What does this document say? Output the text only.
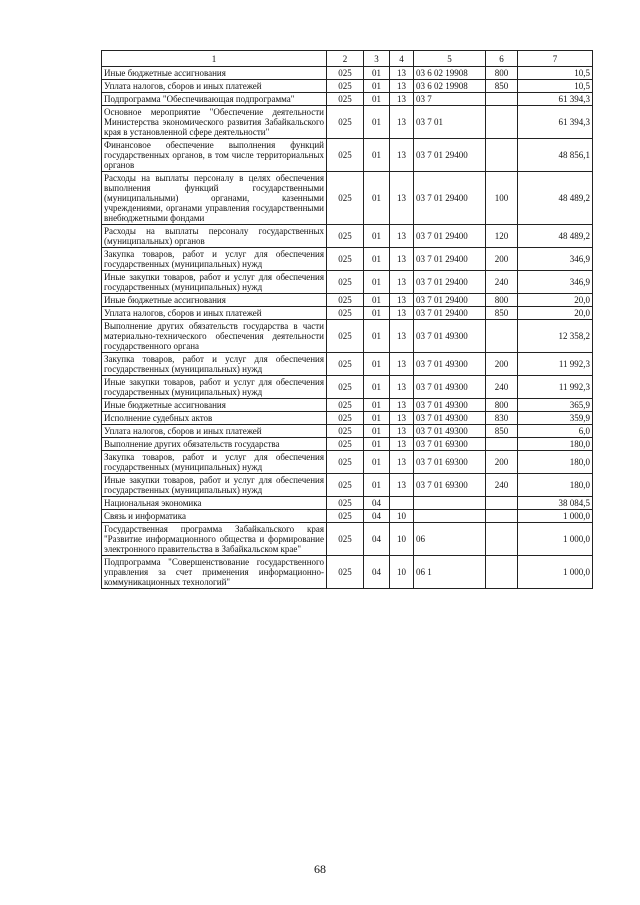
1	2	3	4	5	6	7
Иные бюджетные ассигнования	025	01	13	03 6 02 19908	800	10,5
Уплата налогов, сборов и иных платежей	025	01	13	03 6 02 19908	850	10,5
Подпрограмма "Обеспечивающая подпрограмма"	025	01	13	03 7		61 394,3
Основное мероприятие "Обеспечение деятельности Министерства экономического развития Забайкальского края в установленной сфере деятельности"	025	01	13	03 7 01		61 394,3
Финансовое обеспечение выполнения функций государственных органов, в том числе территориальных органов	025	01	13	03 7 01 29400		48 856,1
Расходы на выплаты персоналу в целях обеспечения выполнения функций государственными (муниципальными) органами, казенными учреждениями, органами управления государственными внебюджетными фондами	025	01	13	03 7 01 29400	100	48 489,2
Расходы на выплаты персоналу государственных (муниципальных) органов	025	01	13	03 7 01 29400	120	48 489,2
Закупка товаров, работ и услуг для обеспечения государственных (муниципальных) нужд	025	01	13	03 7 01 29400	200	346,9
Иные закупки товаров, работ и услуг для обеспечения государственных (муниципальных) нужд	025	01	13	03 7 01 29400	240	346,9
Иные бюджетные ассигнования	025	01	13	03 7 01 29400	800	20,0
Уплата налогов, сборов и иных платежей	025	01	13	03 7 01 29400	850	20,0
Выполнение других обязательств государства в части материально-технического обеспечения деятельности государственного органа	025	01	13	03 7 01 49300		12 358,2
Закупка товаров, работ и услуг для обеспечения государственных (муниципальных) нужд	025	01	13	03 7 01 49300	200	11 992,3
Иные закупки товаров, работ и услуг для обеспечения государственных (муниципальных) нужд	025	01	13	03 7 01 49300	240	11 992,3
Иные бюджетные ассигнования	025	01	13	03 7 01 49300	800	365,9
Исполнение судебных актов	025	01	13	03 7 01 49300	830	359,9
Уплата налогов, сборов и иных платежей	025	01	13	03 7 01 49300	850	6,0
Выполнение других обязательств государства	025	01	13	03 7 01 69300		180,0
Закупка товаров, работ и услуг для обеспечения государственных (муниципальных) нужд	025	01	13	03 7 01 69300	200	180,0
Иные закупки товаров, работ и услуг для обеспечения государственных (муниципальных) нужд	025	01	13	03 7 01 69300	240	180,0
Национальная экономика	025	04				38 084,5
Связь и информатика	025	04	10			1 000,0
Государственная программа Забайкальского края "Развитие информационного общества и формирование электронного правительства в Забайкальском крае"	025	04	10	06		1 000,0
Подпрограмма "Совершенствование государственного управления за счет применения информационно-коммуникационных технологий"	025	04	10	06 1		1 000,0
68
